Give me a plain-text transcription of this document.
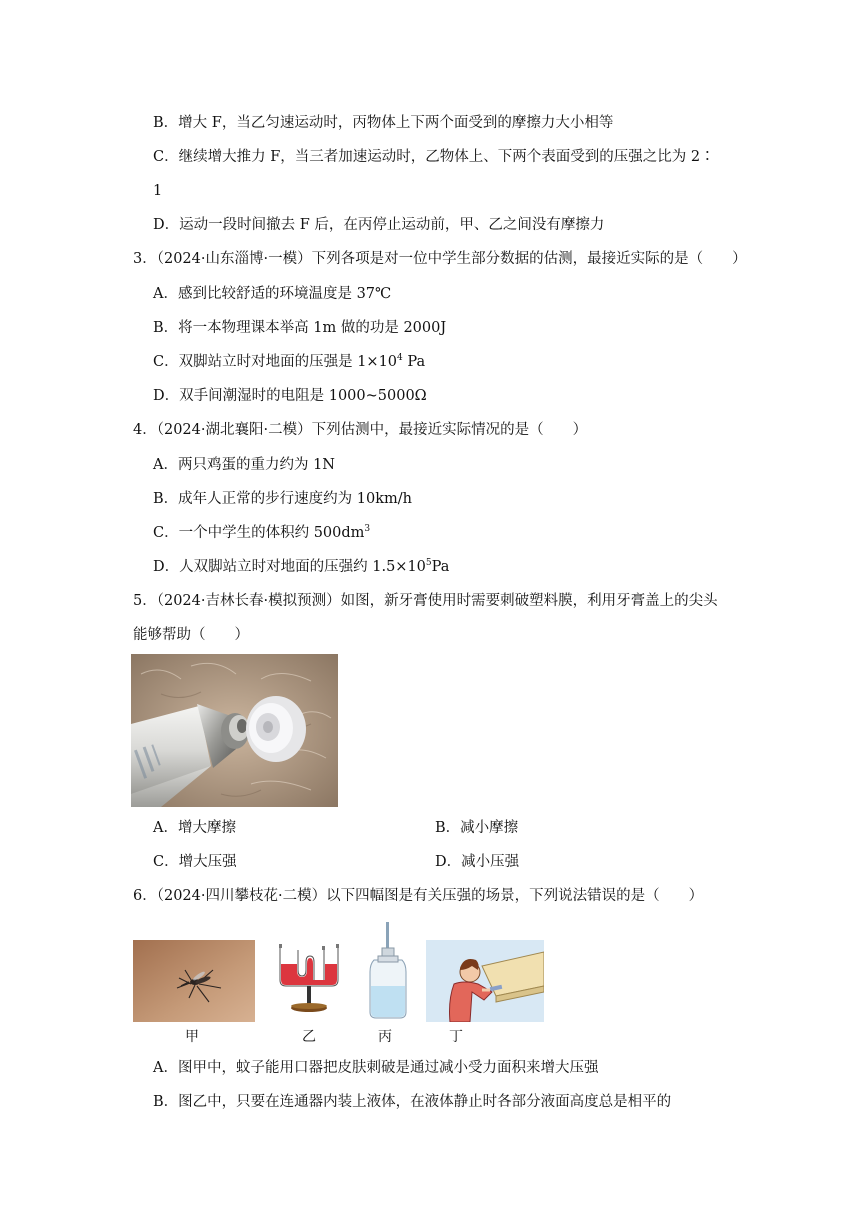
B．增大 F，当乙匀速运动时，丙物体上下两个面受到的摩擦力大小相等
C．继续增大推力 F，当三者加速运动时，乙物体上、下两个表面受到的压强之比为 2∶
1
D．运动一段时间撤去 F 后，在丙停止运动前，甲、乙之间没有摩擦力
3．（2024·山东淄博·一模）下列各项是对一位中学生部分数据的估测，最接近实际的是（　　）
A．感到比较舒适的环境温度是 37℃
B．将一本物理课本举高 1m 做的功是 2000J
C．双脚站立时对地面的压强是 $1\times 10^4$ Pa
D．双手间潮湿时的电阻是 1000~5000Ω
4．（2024·湖北襄阳·二模）下列估测中，最接近实际情况的是（　　）
A．两只鸡蛋的重力约为 1N
B．成年人正常的步行速度约为 10km/h
C．一个中学生的体积约 $500dm^3$
D．人双脚站立时对地面的压强约 $1.5\times 10^5Pa$
5．（2024·吉林长春·模拟预测）如图，新牙膏使用时需要刺破塑料膜，利用牙膏盖上的尖头
能够帮助（　　）
A．增大摩擦	B．减小摩擦
C．增大压强	D．减小压强
6．（2024·四川攀枝花·二模）以下四幅图是有关压强的场景，下列说法错误的是（　　）
甲	乙	丙	丁
A．图甲中，蚊子能用口器把皮肤刺破是通过减小受力面积来增大压强
B．图乙中，只要在连通器内装上液体，在液体静止时各部分液面高度总是相平的
